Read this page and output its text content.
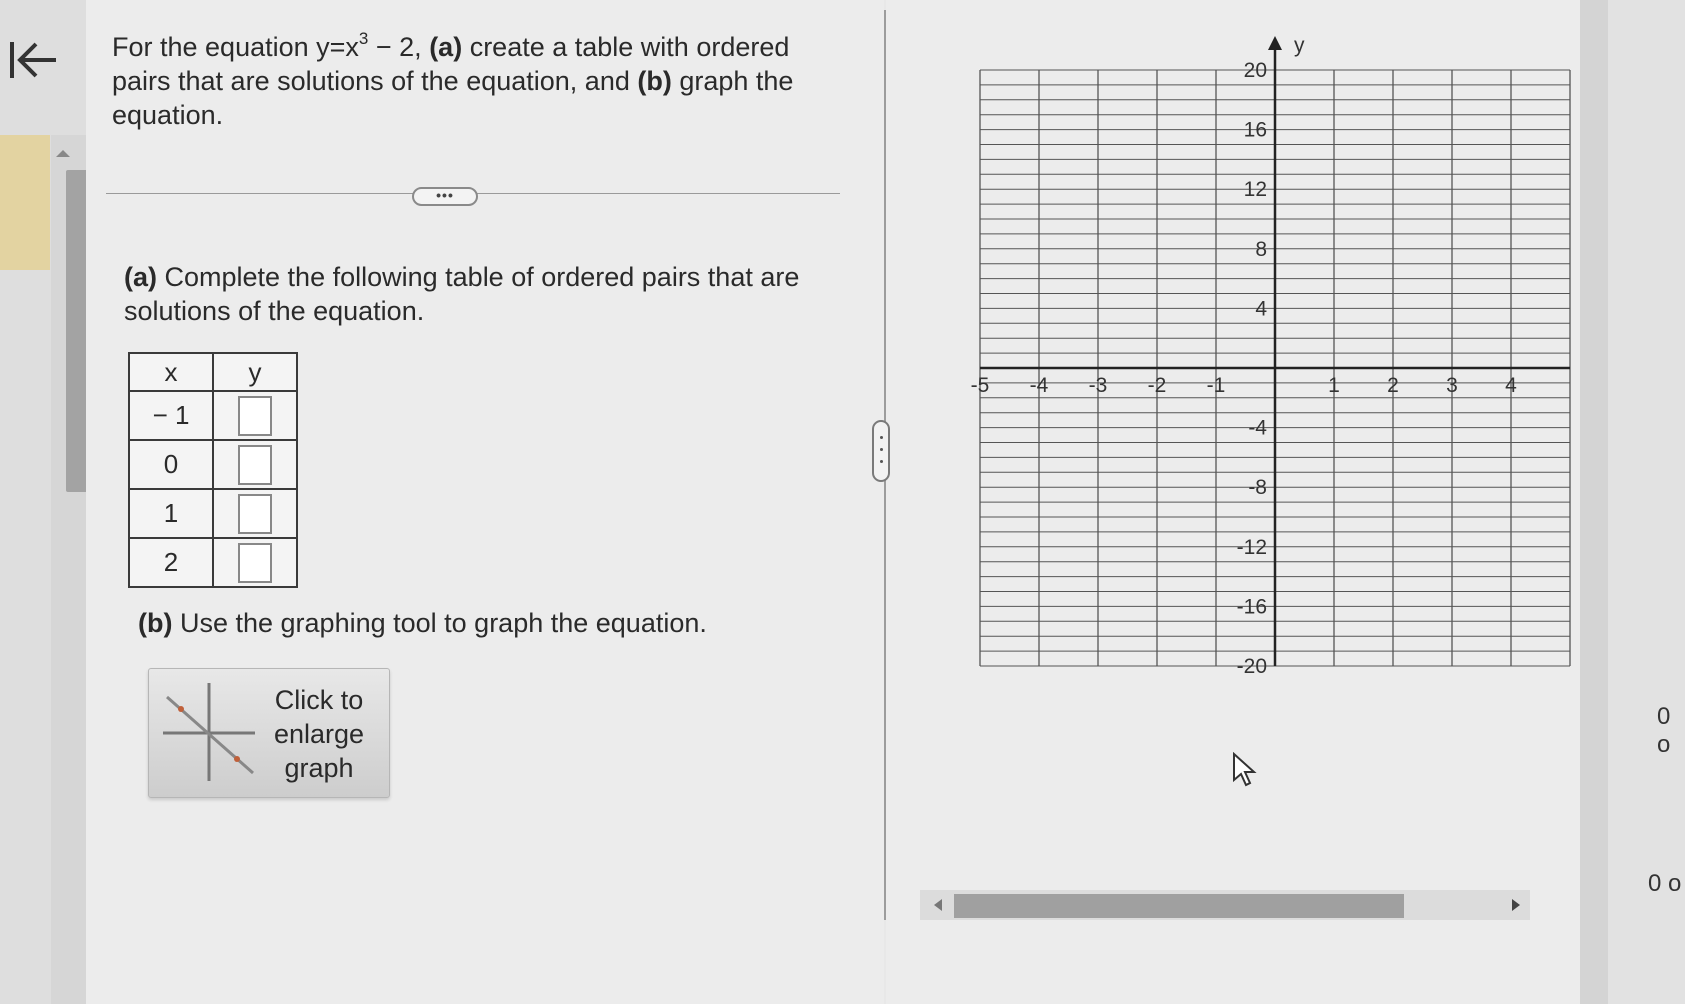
For the equation $y=x^3 - 2$, (a) create a table with ordered pairs that are solutions of the equation, and (b) graph the equation.
•••
(a) Complete the following table of ordered pairs that are solutions of the equation.
x	y
− 1	
0	
1	
2	
(b) Use the graphing tool to graph the equation.
Click to
enlarge
graph
-5 -4 -3 -2 -1	1 2 3 4
20
16
12
8
4
-4
-8
-12
-16
-20
y
0 o
0 o
